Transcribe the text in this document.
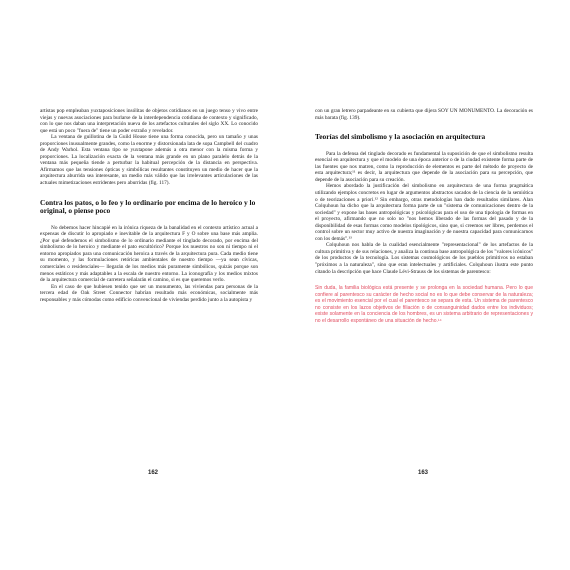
artistas pop empleaban yuxtaposiciones insólitas de objetos cotidianos en un juego tenso y vivo entre viejas y nuevas asociaciones para burlarse de la interdependencia cotidiana de contexto y significado, con lo que nos daban una interpretación nueva de los artefactos culturales del siglo XX. Lo conocido que está un poco "fuera de" tiene un poder extraño y revelador.

La ventana de guillotina de la Guild House tiene una forma conocida, pero un tamaño y unas proporciones inusualmente grandes, como la enorme y distorsionada lata de sopa Campbell del cuadro de Andy Warhol. Esta ventana tipo se yuxtapone además a otra menor con la misma forma y proporciones. La localización exacta de la ventana más grande en un plano paralelo detrás de la ventana más pequeña tiende a perturbar la habitual percepción de la distancia en perspectiva. Afirmamos que las tensiones ópticas y simbólicas resultantes constituyen un medio de hacer que la arquitectura aburrida sea interesante, un medio más válido que las irrelevantes articulaciones de las actuales mimetizaciones estridentes pero aburridas (fig. 117).

Contra los patos, o lo feo y lo ordinario por encima de lo heroico y lo original, o piense poco

No debemos hacer hincapié en la irónica riqueza de la banalidad en el contexto artístico actual a expensas de discutir lo apropiado e inevitable de la arquitectura F y O sobre una base más amplia. ¿Por qué defendemos el simbolismo de lo ordinario mediante el tinglado decorado, por encima del simbolismo de lo heroico y mediante el pato escultórico? Porque los nuestros no son ni tiempo ni el entorno apropiados para una comunicación heroica a través de la arquitectura pura. Cada medio tiene su momento, y las formulaciones retóricas ambientales de nuestro tiempo —ya sean cívicas, comerciales o residenciales— llegarán de los medios más puramente simbólicos, quizás porque son menos estáticos y más adaptables a la escala de nuestro entorno. La iconografía y los medios mixtos de la arquitectura comercial de carretera señalarán el camino, si es que queremos verlo.

En el caso de que hubiesen tenido que ser un monumento, las viviendas para personas de la tercera edad de Oak Street Connector habrían resultado más económicas, socialmente más responsables y más cómodas como edificio convencional de viviendas perdido junto a la autopista y

162

con un gran letrero parpadeante en su cubierta que dijera SOY UN MONUMENTO. La decoración es más barata (fig. 139).

Teorías del simbolismo y la asociación en arquitectura

Para la defensa del tinglado decorado es fundamental la suposición de que el simbolismo resulta esencial en arquitectura y que el modelo de una época anterior o de la ciudad existente forma parte de las fuentes que nos matren, como la reproducción de elementos es parte del método de proyecto de esta arquitectura;¹¹ es decir, la arquitectura que depende de la asociación para su percepción, que depende de la asociación para su creación.

Hemos abordado la justificación del simbolismo en arquitectura de una forma pragmática utilizando ejemplos concretos en lugar de argumentos abstractos sacados de la ciencia de la semiótica o de teorizaciones a priori.¹² Sin embargo, otras metodologías han dado resultados similares. Alan Colquhoun ha dicho que la arquitectura forma parte de un "sistema de comunicaciones dentro de la sociedad" y expone las bases antropológicas y psicológicas para el uso de una tipología de formas en el proyecto, afirmando que no solo no "nos hemos liberado de las formas del pasado y de la disponibilidad de esas formas como modelos tipológicos, sino que, si creemos ser libres, perdemos el control sobre un sector muy activo de nuestra imaginación y de nuestra capacidad para comunicarnos con los demás".¹³

Colquhoun nos habla de la cualidad esencialmente "representacional" de los artefactos de la cultura primitiva y de sus relaciones, y analiza la continua base antropológica de los "valores icónicos" de los productos de la tecnología. Los sistemas cosmológicos de los pueblos primitivos no estaban "próximos a la naturaleza", sino que eran intelectuales y artificiales. Colquhoun ilustra este punto citando la descripción que hace Claude Lévi-Strauss de los sistemas de parentesco:

Sin duda, la familia biológica está presente y se prolonga en la sociedad humana. Pero lo que confiere al parentesco su carácter de hecho social no es lo que debe conservar de la naturaleza; es el movimiento esencial por el cual el parentesco se separa de esta. Un sistema de parentesco no consiste en los lazos objetivos de filiación o de consanguinidad dados entre los individuos; existe solamente en la conciencia de los hombres, es un sistema arbitrario de representaciones y no el desarrollo espontáneo de una situación de hecho.¹⁴
163
